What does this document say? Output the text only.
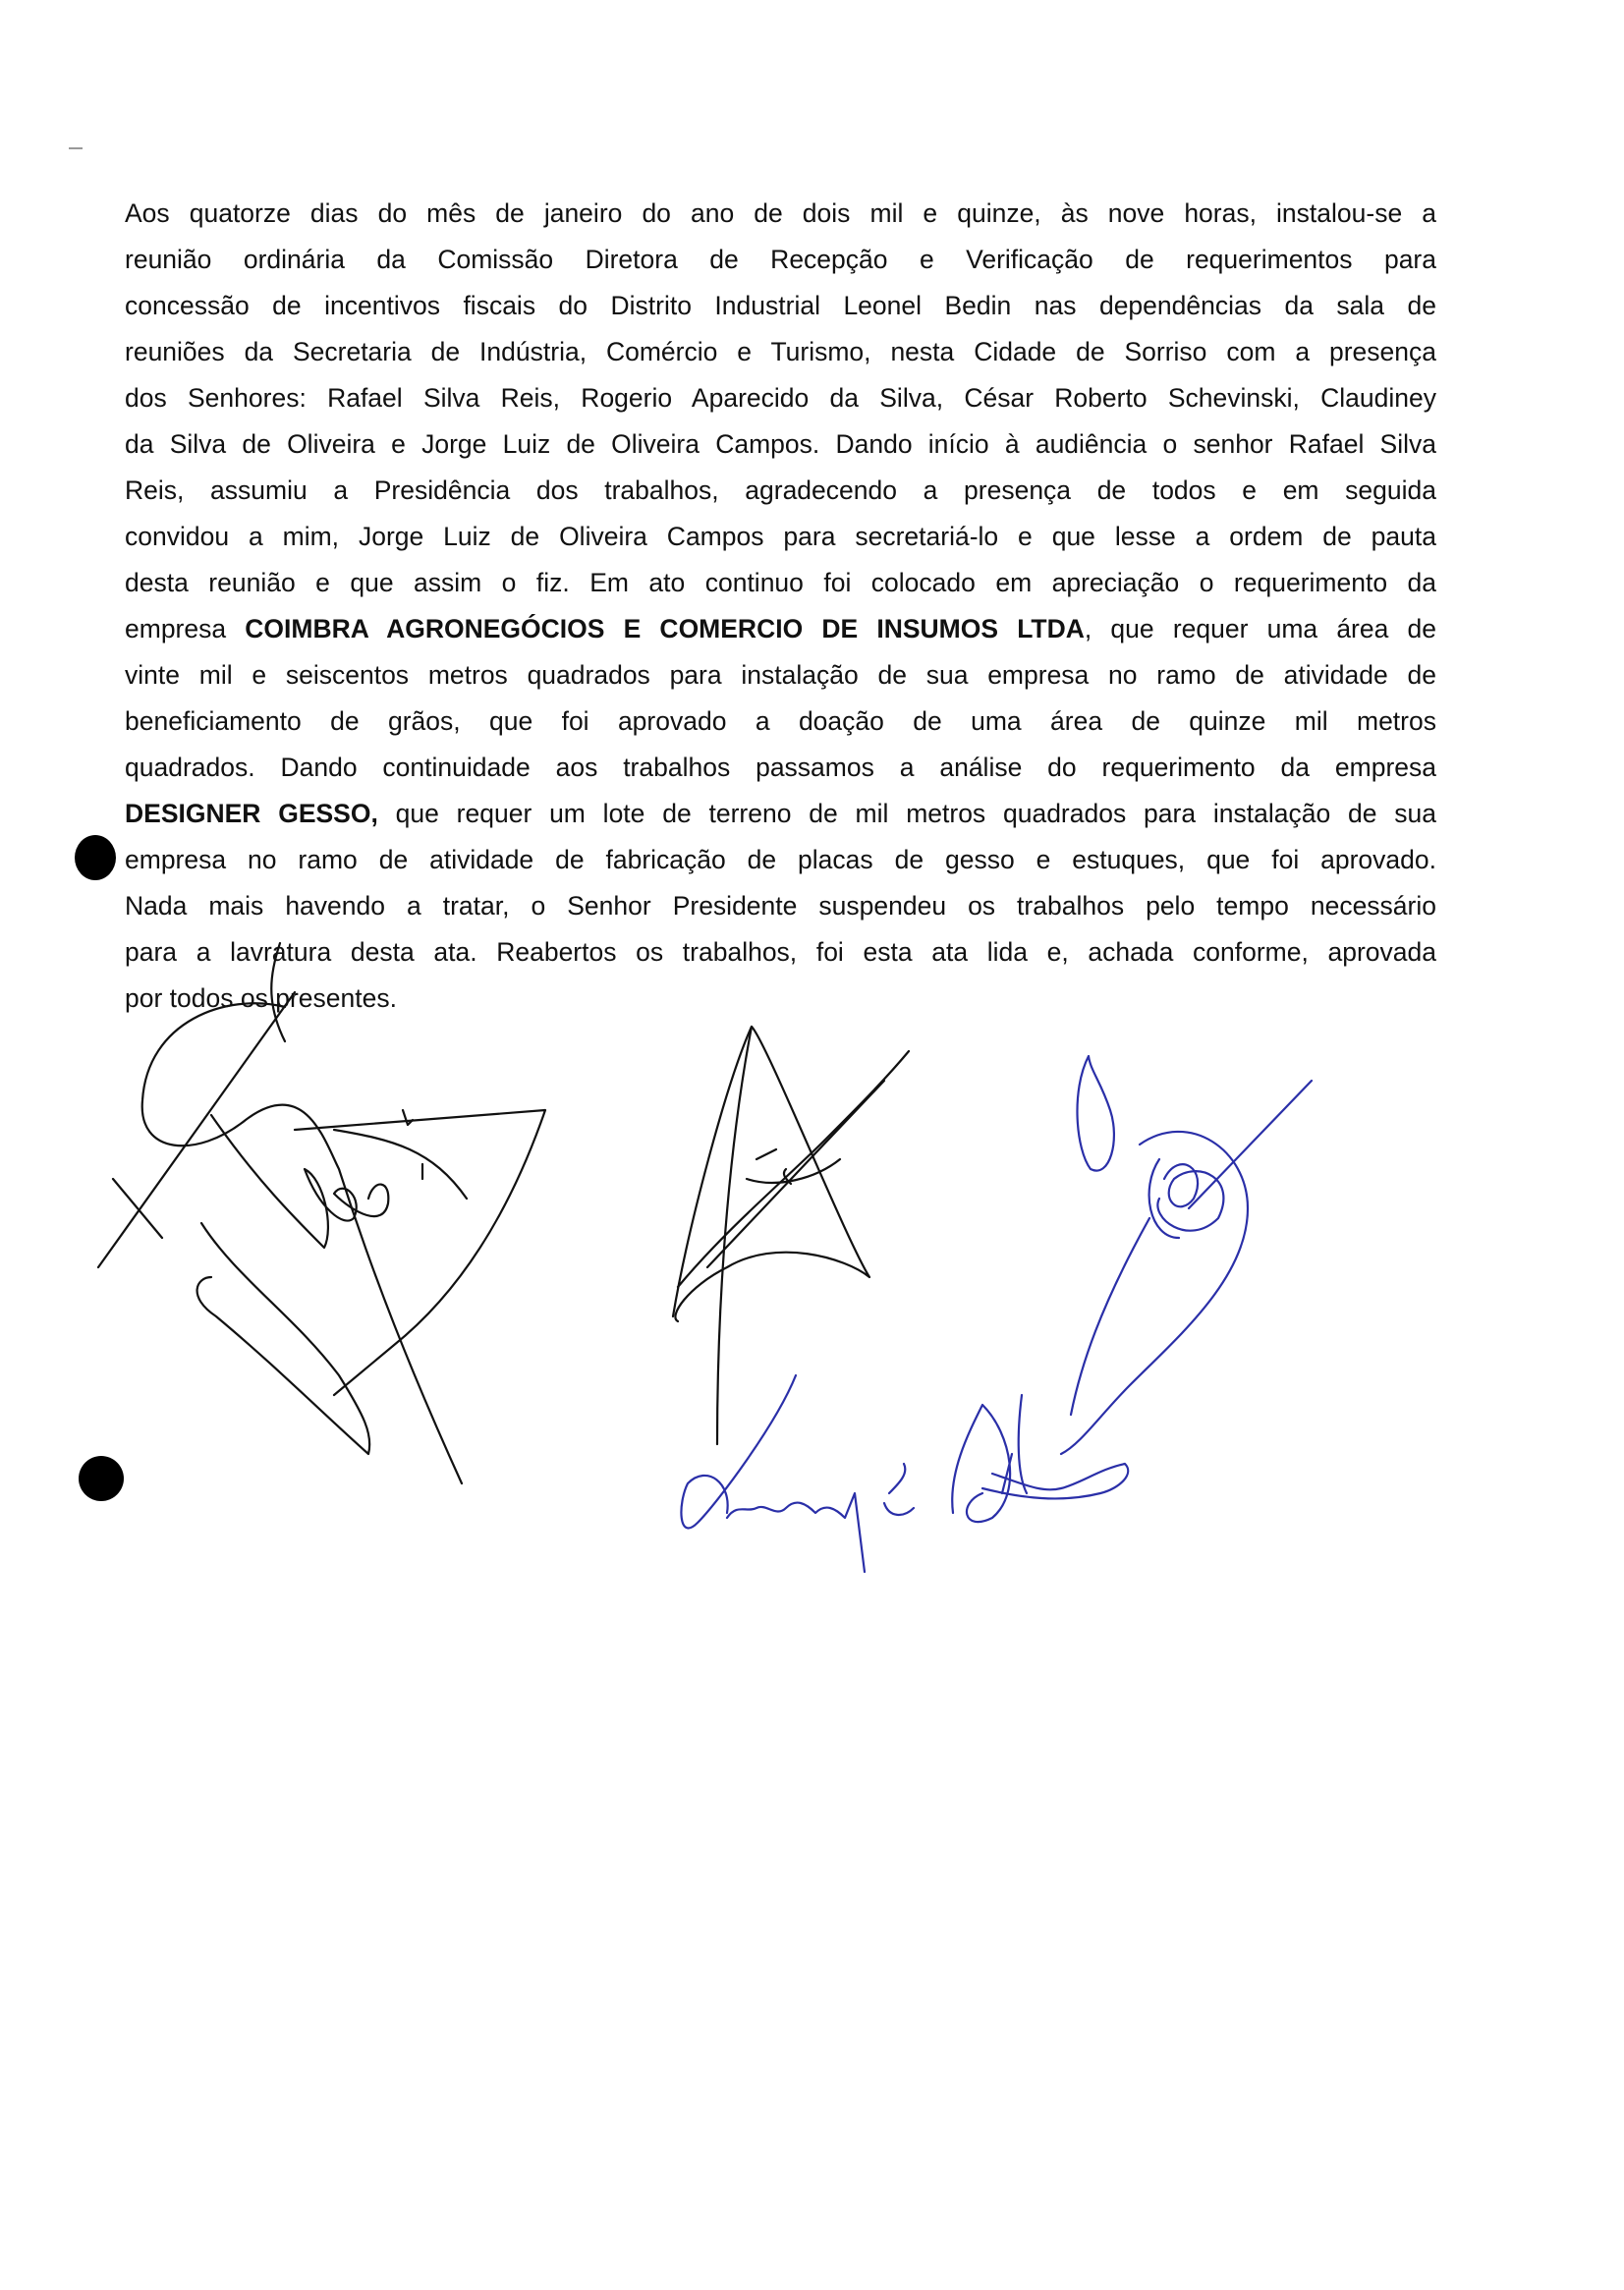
Aos quatorze dias do mês de janeiro do ano de dois mil e quinze, às nove horas, instalou-se a
reunião ordinária da Comissão Diretora de Recepção e Verificação de requerimentos para
concessão de incentivos fiscais do Distrito Industrial Leonel Bedin nas dependências da sala de
reuniões da Secretaria de Indústria, Comércio e Turismo, nesta Cidade de Sorriso com a presença
dos Senhores: Rafael Silva Reis, Rogerio Aparecido da Silva, César Roberto Schevinski, Claudiney
da Silva de Oliveira e Jorge Luiz de Oliveira Campos. Dando início à audiência o senhor Rafael Silva
Reis, assumiu a Presidência dos trabalhos, agradecendo a presença de todos e em seguida
convidou a mim, Jorge Luiz de Oliveira Campos para secretariá-lo e que lesse a ordem de pauta
desta reunião e que assim o fiz. Em ato continuo foi colocado em apreciação o requerimento da
empresa COIMBRA AGRONEGÓCIOS E COMERCIO DE INSUMOS LTDA, que requer uma área de
vinte mil e seiscentos metros quadrados para instalação de sua empresa no ramo de atividade de
beneficiamento de grãos, que foi aprovado a doação de uma área de quinze mil metros
quadrados. Dando continuidade aos trabalhos passamos a análise do requerimento da empresa
DESIGNER GESSO, que requer um lote de terreno de mil metros quadrados para instalação de sua
empresa no ramo de atividade de fabricação de placas de gesso e estuques, que foi aprovado.
Nada mais havendo a tratar, o Senhor Presidente suspendeu os trabalhos pelo tempo necessário
para a lavratura desta ata. Reabertos os trabalhos, foi esta ata lida e, achada conforme, aprovada
por todos os presentes.
